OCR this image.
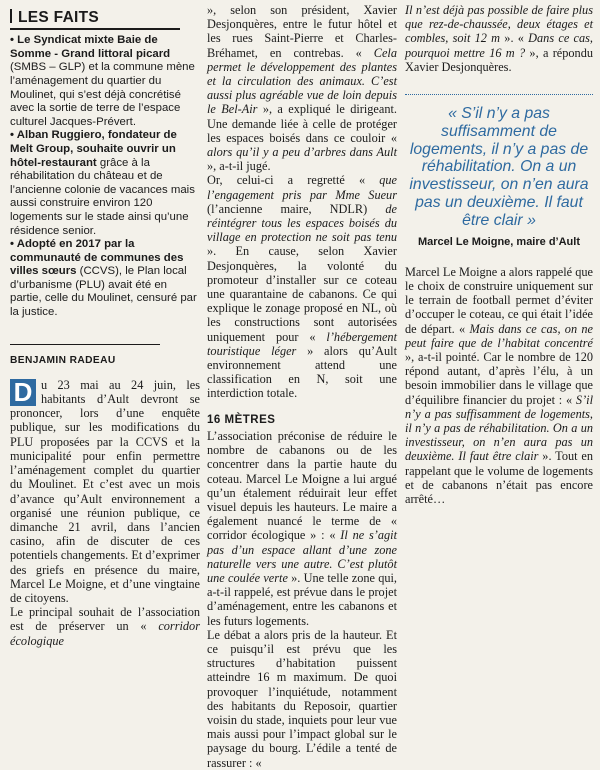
LES FAITS

• Le Syndicat mixte Baie de Somme - Grand littoral picard (SMBS – GLP) et la commune mène l’aménagement du quartier du Moulinet, qui s’est déjà concrétisé avec la sortie de terre de l’espace culturel Jacques-Prévert.

• Alban Ruggiero, fondateur de Melt Group, souhaite ouvrir un hôtel-restaurant grâce à la réhabilitation du château et de l’ancienne colonie de vacances mais aussi construire environ 120 logements sur le stade ainsi qu’une résidence senior.

• Adopté en 2017 par la communauté de communes des villes sœurs (CCVS), le Plan local d’urbanisme (PLU) avait été en partie, celle du Moulinet, censuré par la justice.

BENJAMIN RADEAU

D u 23 mai au 24 juin, les habitants d’Ault devront se prononcer, lors d’une enquête publique, sur les modifications du PLU proposées par la CCVS et la municipalité pour enfin permettre l’aménagement complet du quartier du Moulinet. Et c’est avec un mois d’avance qu’Ault environnement a organisé une réunion publique, ce dimanche 21 avril, dans l’ancien casino, afin de discuter de ces potentiels changements. Et d’exprimer des griefs en présence du maire, Marcel Le Moigne, et d’une vingtaine de citoyens.

Le principal souhait de l’association est de préserver un « corridor écologique

», selon son président, Xavier Desjonquères, entre le futur hôtel et les rues Saint-Pierre et Charles-Bréhamet, en contrebas. « Cela permet le développement des plantes et la circulation des animaux. C’est aussi plus agréable vue de loin depuis le Bel-Air », a expliqué le dirigeant. Une demande liée à celle de protéger les espaces boisés dans ce couloir « alors qu’il y a peu d’arbres dans Ault », a-t-il jugé.

Or, celui-ci a regretté « que l’engagement pris par Mme Sueur (l’ancienne maire, NDLR) de réintégrer tous les espaces boisés du village en protection ne soit pas tenu ». En cause, selon Xavier Desjonquères, la volonté du promoteur d’installer sur ce coteau une quarantaine de cabanons. Ce qui explique le zonage proposé en NL, où les constructions sont autorisées uniquement pour « l’hébergement touristique léger » alors qu’Ault environnement attend une classification en N, soit une interdiction totale.

16 MÈTRES

L’association préconise de réduire le nombre de cabanons ou de les concentrer dans la partie haute du coteau. Marcel Le Moigne a lui argué qu’un étalement réduirait leur effet visuel depuis les hauteurs. Le maire a également nuancé le terme de « corridor écologique » : « Il ne s’agit pas d’un espace allant d’une zone naturelle vers une autre. C’est plutôt une coulée verte ». Une telle zone qui, a-t-il rappelé, est prévue dans le projet d’aménagement, entre les cabanons et les futurs logements.

Le débat a alors pris de la hauteur. Et ce puisqu’il est prévu que les structures d’habitation puissent atteindre 16 m maximum. De quoi provoquer l’inquiétude, notamment des habitants du Reposoir, quartier voisin du stade, inquiets pour leur vue mais aussi pour l’impact global sur le paysage du bourg. L’édile a tenté de rassurer : «

Il n’est déjà pas possible de faire plus que rez-de-chaussée, deux étages et combles, soit 12 m ». « Dans ce cas, pourquoi mettre 16 m ? », a répondu Xavier Desjonquères.

« S’il n’y a pas suffisamment de logements, il n’y a pas de réhabilitation. On a un investisseur, on n’en aura pas un deuxième. Il faut être clair »
Marcel Le Moigne, maire d’Ault

Marcel Le Moigne a alors rappelé que le choix de construire uniquement sur le terrain de football permet d’éviter d’occuper le coteau, ce qui était l’idée de départ. « Mais dans ce cas, on ne peut faire que de l’habitat concentré », a-t-il pointé. Car le nombre de 120 répond autant, d’après l’élu, à un besoin immobilier dans le village que d’équilibre financier du projet : « S’il n’y a pas suffisamment de logements, il n’y a pas de réhabilitation. On a un investisseur, on n’en aura pas un deuxième. Il faut être clair ». Tout en rappelant que le volume de logements et de cabanons n’était pas encore arrêté…
